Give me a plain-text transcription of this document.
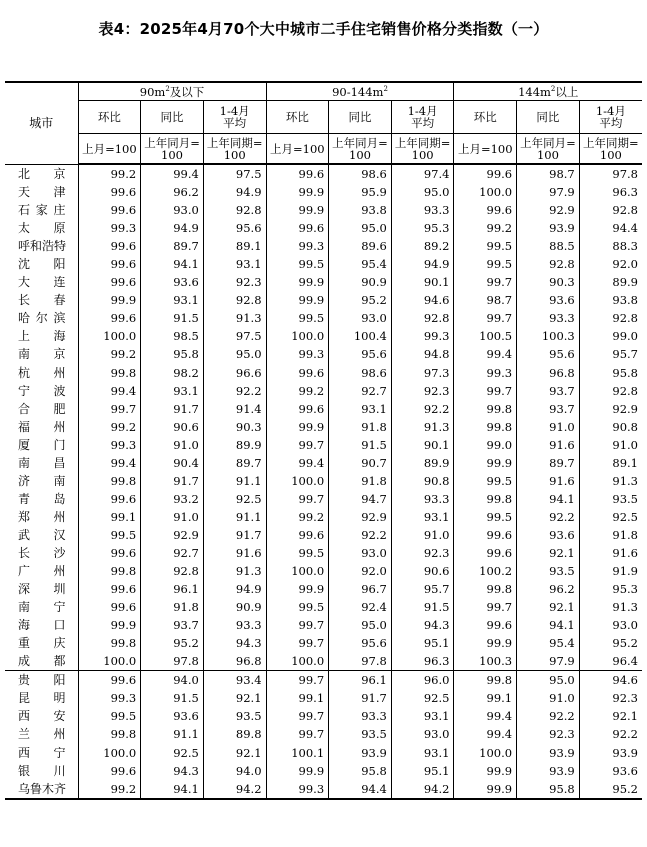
表4：2025年4月70个大中城市二手住宅销售价格分类指数（一）
城市	$90m^2$及以下			$90-144m^2$			$144m^2$以上		
	环比	同比	1-4月平均	环比	同比	1-4月平均	环比	同比	1-4月平均
	上月=100	上年同月=100	上年同期=100	上月=100	上年同月=100	上年同期=100	上月=100	上年同月=100	上年同期=100
北京	99.2	99.4	97.5	99.6	98.6	97.4	99.6	98.7	97.8
天津	99.6	96.2	94.9	99.9	95.9	95.0	100.0	97.9	96.3
石家庄	99.6	93.0	92.8	99.9	93.8	93.3	99.6	92.9	92.8
太原	99.3	94.9	95.6	99.6	95.0	95.3	99.2	93.9	94.4
呼和浩特	99.6	89.7	89.1	99.3	89.6	89.2	99.5	88.5	88.3
沈阳	99.6	94.1	93.1	99.5	95.4	94.9	99.5	92.8	92.0
大连	99.6	93.6	92.3	99.9	90.9	90.1	99.7	90.3	89.9
长春	99.9	93.1	92.8	99.9	95.2	94.6	98.7	93.6	93.8
哈尔滨	99.6	91.5	91.3	99.5	93.0	92.8	99.7	93.3	92.8
上海	100.0	98.5	97.5	100.0	100.4	99.3	100.5	100.3	99.0
南京	99.2	95.8	95.0	99.3	95.6	94.8	99.4	95.6	95.7
杭州	99.8	98.2	96.6	99.6	98.6	97.3	99.3	96.8	95.8
宁波	99.4	93.1	92.2	99.2	92.7	92.3	99.7	93.7	92.8
合肥	99.7	91.7	91.4	99.6	93.1	92.2	99.8	93.7	92.9
福州	99.2	90.6	90.3	99.9	91.8	91.3	99.8	91.0	90.8
厦门	99.3	91.0	89.9	99.7	91.5	90.1	99.0	91.6	91.0
南昌	99.4	90.4	89.7	99.4	90.7	89.9	99.9	89.7	89.1
济南	99.8	91.7	91.1	100.0	91.8	90.8	99.5	91.6	91.3
青岛	99.6	93.2	92.5	99.7	94.7	93.3	99.8	94.1	93.5
郑州	99.1	91.0	91.1	99.2	92.9	93.1	99.5	92.2	92.5
武汉	99.5	92.9	91.7	99.6	92.2	91.0	99.6	93.6	91.8
长沙	99.6	92.7	91.6	99.5	93.0	92.3	99.6	92.1	91.6
广州	99.8	92.8	91.3	100.0	92.0	90.6	100.2	93.5	91.9
深圳	99.6	96.1	94.9	99.9	96.7	95.7	99.8	96.2	95.3
南宁	99.6	91.8	90.9	99.5	92.4	91.5	99.7	92.1	91.3
海口	99.9	93.7	93.3	99.7	95.0	94.3	99.6	94.1	93.0
重庆	99.8	95.2	94.3	99.7	95.6	95.1	99.9	95.4	95.2
成都	100.0	97.8	96.8	100.0	97.8	96.3	100.3	97.9	96.4
贵阳	99.6	94.0	93.4	99.7	96.1	96.0	99.8	95.0	94.6
昆明	99.3	91.5	92.1	99.1	91.7	92.5	99.1	91.0	92.3
西安	99.5	93.6	93.5	99.7	93.3	93.1	99.4	92.2	92.1
兰州	99.8	91.1	89.8	99.7	93.5	93.0	99.4	92.3	92.2
西宁	100.0	92.5	92.1	100.1	93.9	93.1	100.0	93.9	93.9
银川	99.6	94.3	94.0	99.9	95.8	95.1	99.9	93.9	93.6
乌鲁木齐	99.2	94.1	94.2	99.3	94.4	94.2	99.9	95.8	95.2
